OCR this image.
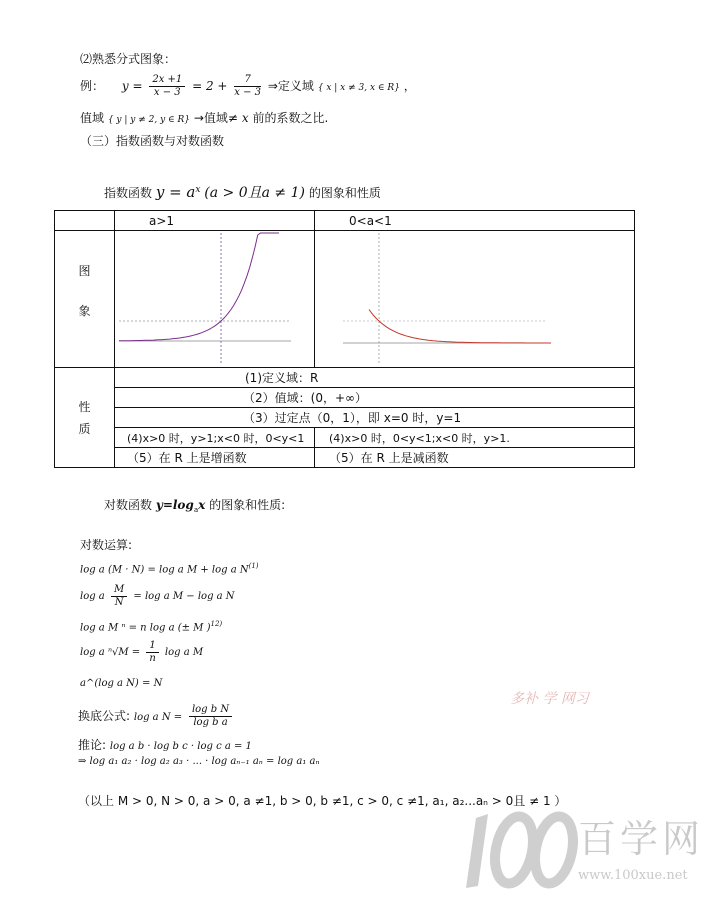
⑵熟悉分式图象：
例： $y = \frac{2x +1}{x - 3} = 2 + \frac{7}{x - 3}$ ⇒定义域 { x | x ≠ 3, x ∈ R} ，
值域 { y | y ≠ 2, y ∈ R} →值域≠ x 前的系数之比.
（三）指数函数与对数函数
指数函数 $y = a^x$ (a > 0且a ≠ 1) 的图象和性质
	a>1	0<a<1

图
象

性
质	(1)定义域：R	
	（2）值域：(0，+∞）	
	（3）过定点（0，1），即 x=0 时，y=1	
	(4)x>0 时，y>1;x<0 时，0<y<1	(4)x>0 时，0<y<1;x<0 时，y>1.
	（5）在 R 上是增函数	（5）在 R 上是减函数
对数函数 $y=\log_ax$ 的图象和性质:
对数运算:
log a (M · N) = log a M + log a $N^{(1)}$
log a $\frac{M}{N} = \log a$ M − log a N
log a M ⁿ = n log a (± M )$^{12)}$
log a $^n√M = \frac{1}{n}$ log a M
a^(log a N) = N
换底公式: log a $N = \frac{\text{log b N}}{\text{log b a}}$
推论: log a b · log b c · log c a = 1
⇒ log a₁ a₂ · log a₂ a₃ · ... · log aₙ₋₁ aₙ = log a₁ aₙ
（以上 M > 0, N > 0, a > 0, a ≠1, b > 0, b ≠1, c > 0, c ≠1, a₁, a₂...aₙ > 0且 ≠ 1 ）
多补 学 网习
百学网
www.100xue.net
